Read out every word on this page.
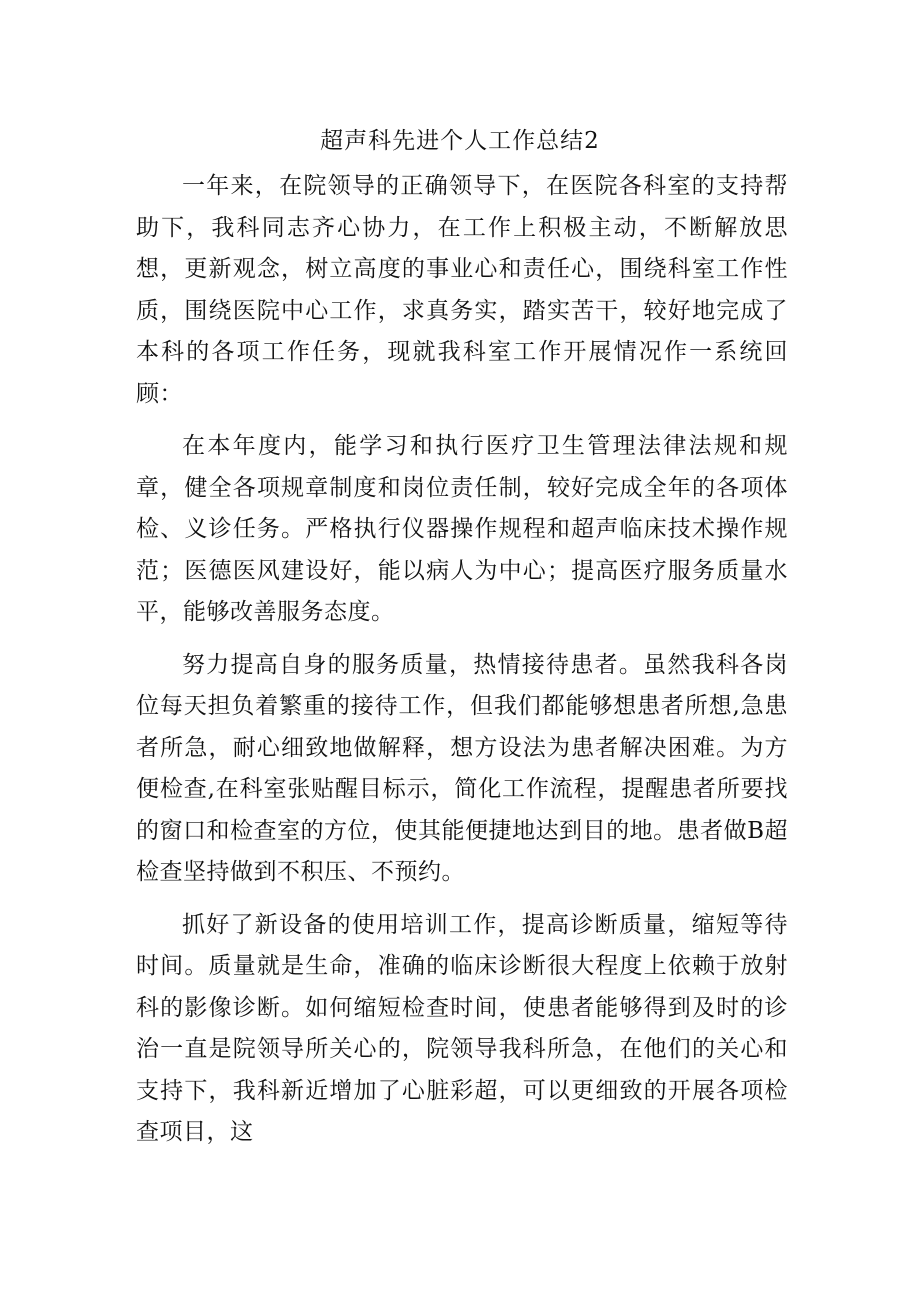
超声科先进个人工作总结2

一年来，在院领导的正确领导下，在医院各科室的支持帮助下，我科同志齐心协力，在工作上积极主动，不断解放思想，更新观念，树立高度的事业心和责任心，围绕科室工作性质，围绕医院中心工作，求真务实，踏实苦干，较好地完成了本科的各项工作任务，现就我科室工作开展情况作一系统回顾：

在本年度内，能学习和执行医疗卫生管理法律法规和规章，健全各项规章制度和岗位责任制，较好完成全年的各项体检、义诊任务。严格执行仪器操作规程和超声临床技术操作规范；医德医风建设好，能以病人为中心；提高医疗服务质量水平，能够改善服务态度。

努力提高自身的服务质量，热情接待患者。虽然我科各岗位每天担负着繁重的接待工作，但我们都能够想患者所想,急患者所急，耐心细致地做解释，想方设法为患者解决困难。为方便检查,在科室张贴醒目标示，简化工作流程，提醒患者所要找的窗口和检查室的方位，使其能便捷地达到目的地。患者做B超检查坚持做到不积压、不预约。

抓好了新设备的使用培训工作，提高诊断质量，缩短等待时间。质量就是生命，准确的临床诊断很大程度上依赖于放射科的影像诊断。如何缩短检查时间，使患者能够得到及时的诊治一直是院领导所关心的，院领导我科所急，在他们的关心和支持下，我科新近增加了心脏彩超，可以更细致的开展各项检查项目，这
